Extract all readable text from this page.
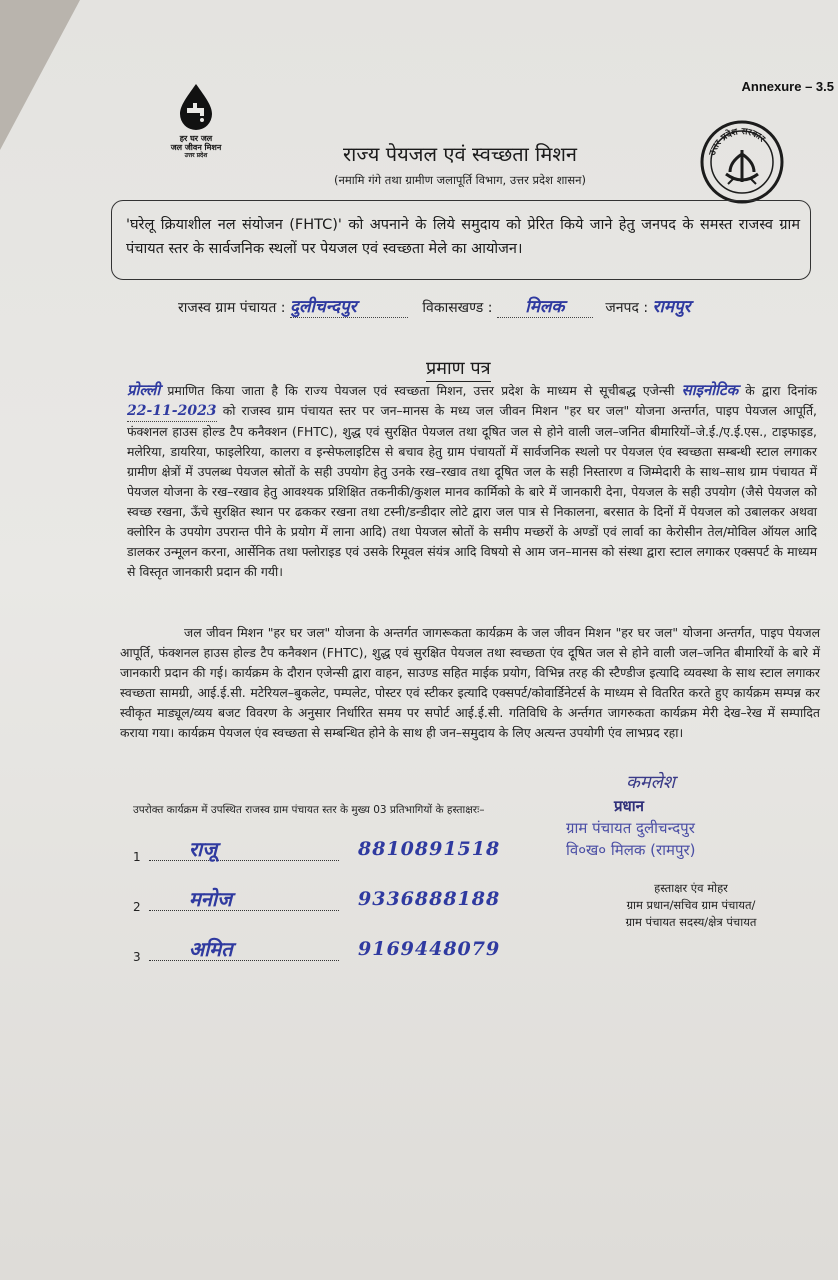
Annexure – 3.5
हर घर जल
जल जीवन मिशन
उत्तर प्रदेश	उत्तर प्रदेश सरकार
राज्य पेयजल एवं स्वच्छता मिशन
(नमामि गंगे तथा ग्रामीण जलापूर्ति विभाग, उत्तर प्रदेश शासन)
'घरेलू क्रियाशील नल संयोजन (FHTC)' को अपनाने के लिये समुदाय को प्रेरित किये जाने हेतु जनपद के समस्त राजस्व ग्राम पंचायत स्तर के सार्वजनिक स्थलों पर पेयजल एवं स्वच्छता मेले का आयोजन।
राजस्व ग्राम पंचायत : दुलीचन्दपुर	विकासखण्ड : मिलक	जनपद : रामपुर
प्रमाण पत्र
प्रोल्ली प्रमाणित किया जाता है कि राज्य पेयजल एवं स्वच्छता मिशन, उत्तर प्रदेश के माध्यम से सूचीबद्ध एजेन्सी साइनोटिक के द्वारा दिनांक 22-11-2023 को राजस्व ग्राम पंचायत स्तर पर जन–मानस के मध्य जल जीवन मिशन "हर घर जल" योजना अन्तर्गत, पाइप पेयजल आपूर्ति, फंक्शनल हाउस होल्ड टैप कनैक्शन (FHTC), शुद्ध एवं सुरक्षित पेयजल तथा दूषित जल से होने वाली जल–जनित बीमारियों–जे.ई./ए.ई.एस., टाइफाइड, मलेरिया, डायरिया, फाइलेरिया, कालरा व इन्सेफलाइटिस से बचाव हेतु ग्राम पंचायतों में सार्वजनिक स्थलो पर पेयजल एंव स्वच्छता सम्बन्धी स्टाल लगाकर ग्रामीण क्षेत्रों में उपलब्ध पेयजल स्रोतों के सही उपयोग हेतु उनके रख–रखाव तथा दूषित जल के सही निस्तारण व जिम्मेदारी के साथ–साथ ग्राम पंचायत में पेयजल योजना के रख–रखाव हेतु आवश्यक प्रशिक्षित तकनीकी/कुशल मानव कार्मिको के बारे में जानकारी देना, पेयजल के सही उपयोग (जैसे पेयजल को स्वच्छ रखना, ऊँचे सुरक्षित स्थान पर ढककर रखना तथा टस्नी/डन्डीदार लोटे द्वारा जल पात्र से निकालना, बरसात के दिनों में पेयजल को उबालकर अथवा क्लोरिन के उपयोग उपरान्त पीने के प्रयोग में लाना आदि) तथा पेयजल स्रोतों के समीप मच्छरों के अण्डों एवं लार्वा का केरोसीन तेल/मोविल ऑयल आदि डालकर उन्मूलन करना, आर्सेनिक तथा फ्लोराइड एवं उसके रिमूवल संयंत्र आदि विषयो से आम जन–मानस को संस्था द्वारा स्टाल लगाकर एक्सपर्ट के माध्यम से विस्तृत जानकारी प्रदान की गयी।
जल जीवन मिशन "हर घर जल" योजना के अन्तर्गत जागरूकता कार्यक्रम के जल जीवन मिशन "हर घर जल" योजना अन्तर्गत, पाइप पेयजल आपूर्ति, फंक्शनल हाउस होल्ड टैप कनैक्शन (FHTC), शुद्ध एवं सुरक्षित पेयजल तथा स्वच्छता एंव दूषित जल से होने वाली जल–जनित बीमारियों के बारे में जानकारी प्रदान की गई। कार्यक्रम के दौरान एजेन्सी द्वारा वाहन, साउण्ड सहित माईक प्रयोग, विभिन्न तरह की स्टैण्डीज इत्यादि व्यवस्था के साथ स्टाल लगाकर स्वच्छता सामग्री, आई.ई.सी. मटेरियल–बुकलेट, पम्पलेट, पोस्टर एवं स्टीकर इत्यादि एक्सपर्ट/कोवार्डिनेटर्स के माध्यम से वितरित करते हुए कार्यक्रम सम्पन्न कर स्वीकृत माड्यूल/व्यय बजट विवरण के अनुसार निर्धारित समय पर सपोर्ट आई.ई.सी. गतिविधि के अर्न्तगत जागरुकता कार्यक्रम मेरी देख–रेख में सम्पादित कराया गया। कार्यक्रम पेयजल एंव स्वच्छता से सम्बन्धित होने के साथ ही जन–समुदाय के लिए अत्यन्त उपयोगी एंव लाभप्रद रहा।
उपरोक्त कार्यक्रम में उपस्थित राजस्व ग्राम पंचायत स्तर के मुख्य 03 प्रतिभागियों के हस्ताक्षरः–
1 राजू	8810891518
2 मनोज	9336888188
3 अमित	9169448079
कमलेश
प्रधान
ग्राम पंचायत दुलीचन्दपुर
वि०ख० मिलक (रामपुर)
हस्ताक्षर एंव मोहर
ग्राम प्रधान/सचिव ग्राम पंचायत/
ग्राम पंचायत सदस्य/क्षेत्र पंचायत
